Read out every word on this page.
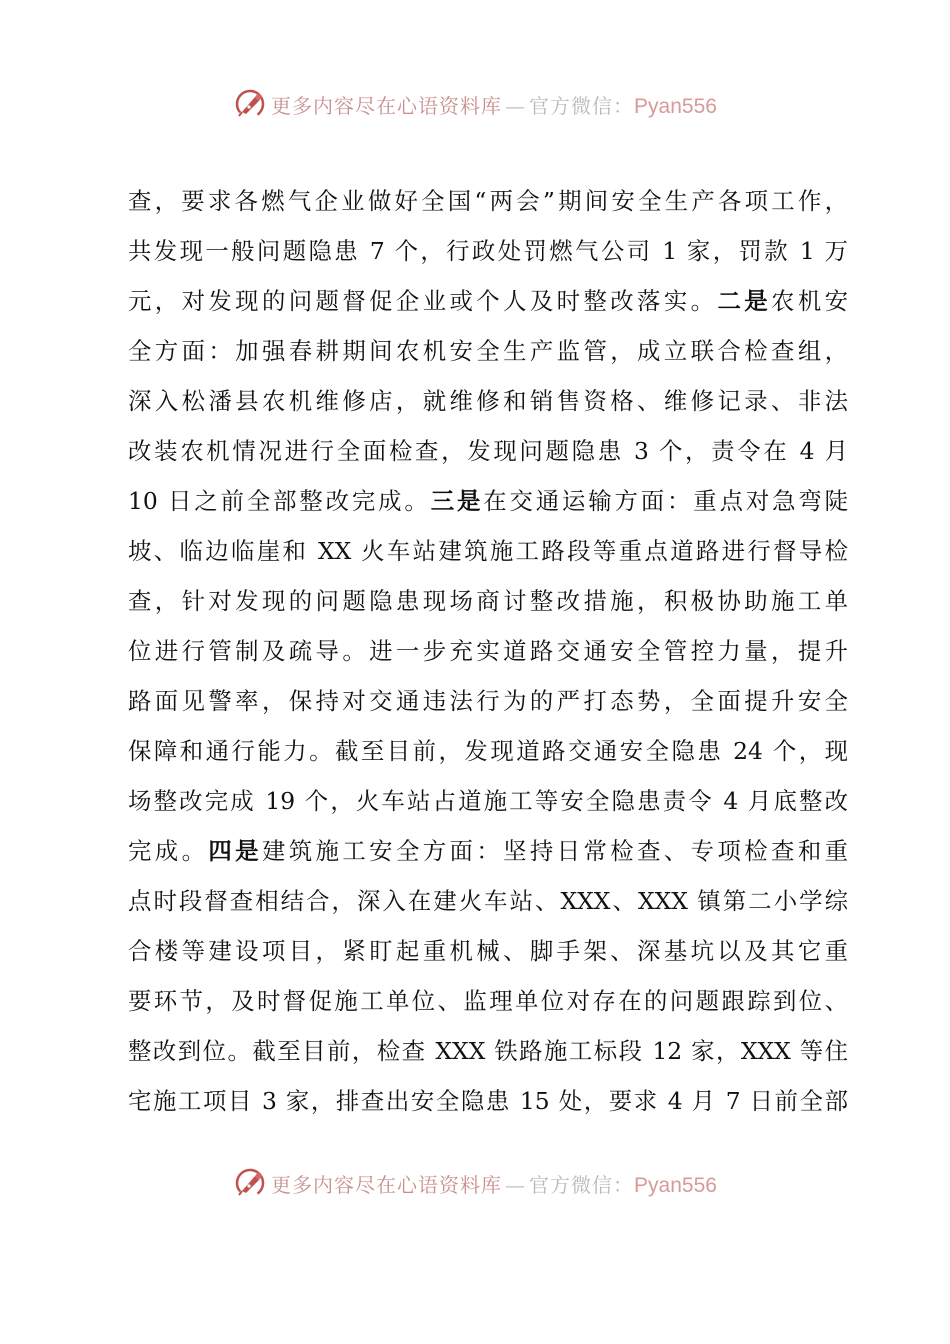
更多内容尽在心语资料库 — 官方微信：Pyan556
查，要求各燃气企业做好全国“两会”期间安全生产各项工作，
共发现一般问题隐患 7 个，行政处罚燃气公司 1 家，罚款 1 万
元，对发现的问题督促企业或个人及时整改落实。二是农机安
全方面：加强春耕期间农机安全生产监管，成立联合检查组，
深入松潘县农机维修店，就维修和销售资格、维修记录、非法
改装农机情况进行全面检查，发现问题隐患 3 个，责令在 4 月
10 日之前全部整改完成。三是在交通运输方面：重点对急弯陡
坡、临边临崖和 XX 火车站建筑施工路段等重点道路进行督导检
查，针对发现的问题隐患现场商讨整改措施，积极协助施工单
位进行管制及疏导。进一步充实道路交通安全管控力量，提升
路面见警率，保持对交通违法行为的严打态势，全面提升安全
保障和通行能力。截至目前，发现道路交通安全隐患 24 个，现
场整改完成 19 个，火车站占道施工等安全隐患责令 4 月底整改
完成。四是建筑施工安全方面：坚持日常检查、专项检查和重
点时段督查相结合，深入在建火车站、XXX、XXX 镇第二小学综
合楼等建设项目，紧盯起重机械、脚手架、深基坑以及其它重
要环节，及时督促施工单位、监理单位对存在的问题跟踪到位、
整改到位。截至目前，检查 XXX 铁路施工标段 12 家，XXX 等住
宅施工项目 3 家，排查出安全隐患 15 处，要求 4 月 7 日前全部
更多内容尽在心语资料库 — 官方微信：Pyan556
